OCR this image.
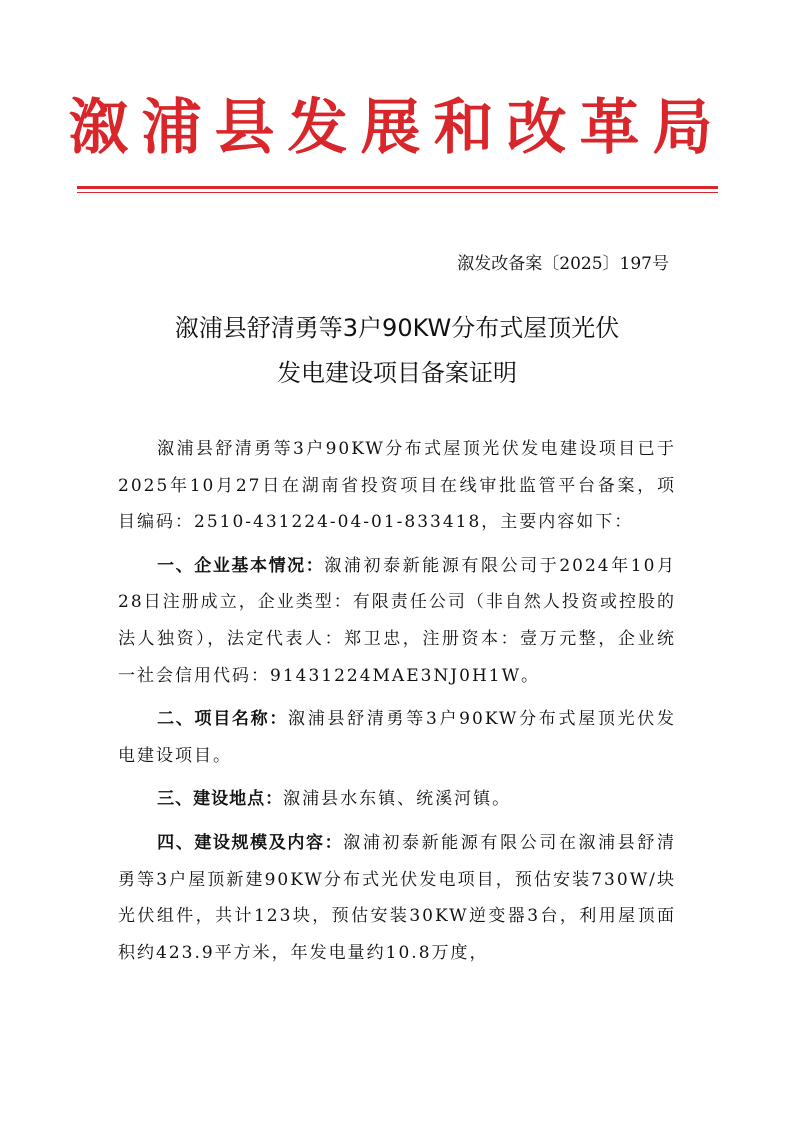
溆浦县发展和改革局
溆发改备案〔2025〕197号
溆浦县舒清勇等3户90KW分布式屋顶光伏
发电建设项目备案证明

溆浦县舒清勇等3户90KW分布式屋顶光伏发电建设项目已于2025年10月27日在湖南省投资项目在线审批监管平台备案，项目编码：2510-431224-04-01-833418，主要内容如下：

一、企业基本情况：溆浦初泰新能源有限公司于2024年10月28日注册成立，企业类型：有限责任公司（非自然人投资或控股的法人独资），法定代表人：郑卫忠，注册资本：壹万元整，企业统一社会信用代码：91431224MAE3NJ0H1W。

二、项目名称：溆浦县舒清勇等3户90KW分布式屋顶光伏发电建设项目。

三、建设地点：溆浦县水东镇、统溪河镇。

四、建设规模及内容：溆浦初泰新能源有限公司在溆浦县舒清勇等3户屋顶新建90KW分布式光伏发电项目，预估安装730W/块光伏组件，共计123块，预估安装30KW逆变器3台，利用屋顶面积约423.9平方米，年发电量约10.8万度，
